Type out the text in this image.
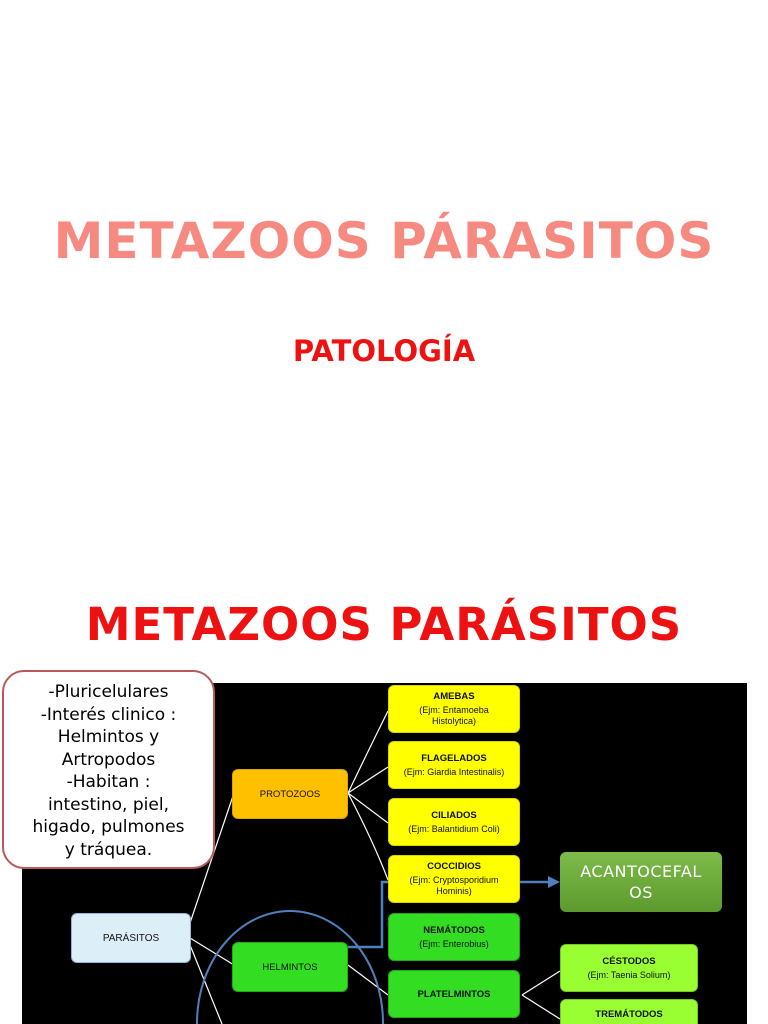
METAZOOS PÁRASITOS
PATOLOGÍA
METAZOOS PARÁSITOS
PARÁSITOS
PROTOZOOS
HELMINTOS
AMEBAS
(Ejm: Entamoeba
Histolytica)
FLAGELADOS
(Ejm: Giardia Intestinalis)
CILIADOS
(Ejm: Balantidium Coli)
COCCIDIOS
(Ejm: Cryptosporidium
Hominis)
NEMÁTODOS
(Ejm: Enterobius)
PLATELMINTOS
CÉSTODOS
(Ejm: Taenia Solium)
TREMÁTODOS
-Pluricelulares
-Interés clinico :
Helmintos y
Artropodos
-Habitan :
intestino, piel,
higado, pulmones
y tráquea.
ACANTOCEFAL
OS
